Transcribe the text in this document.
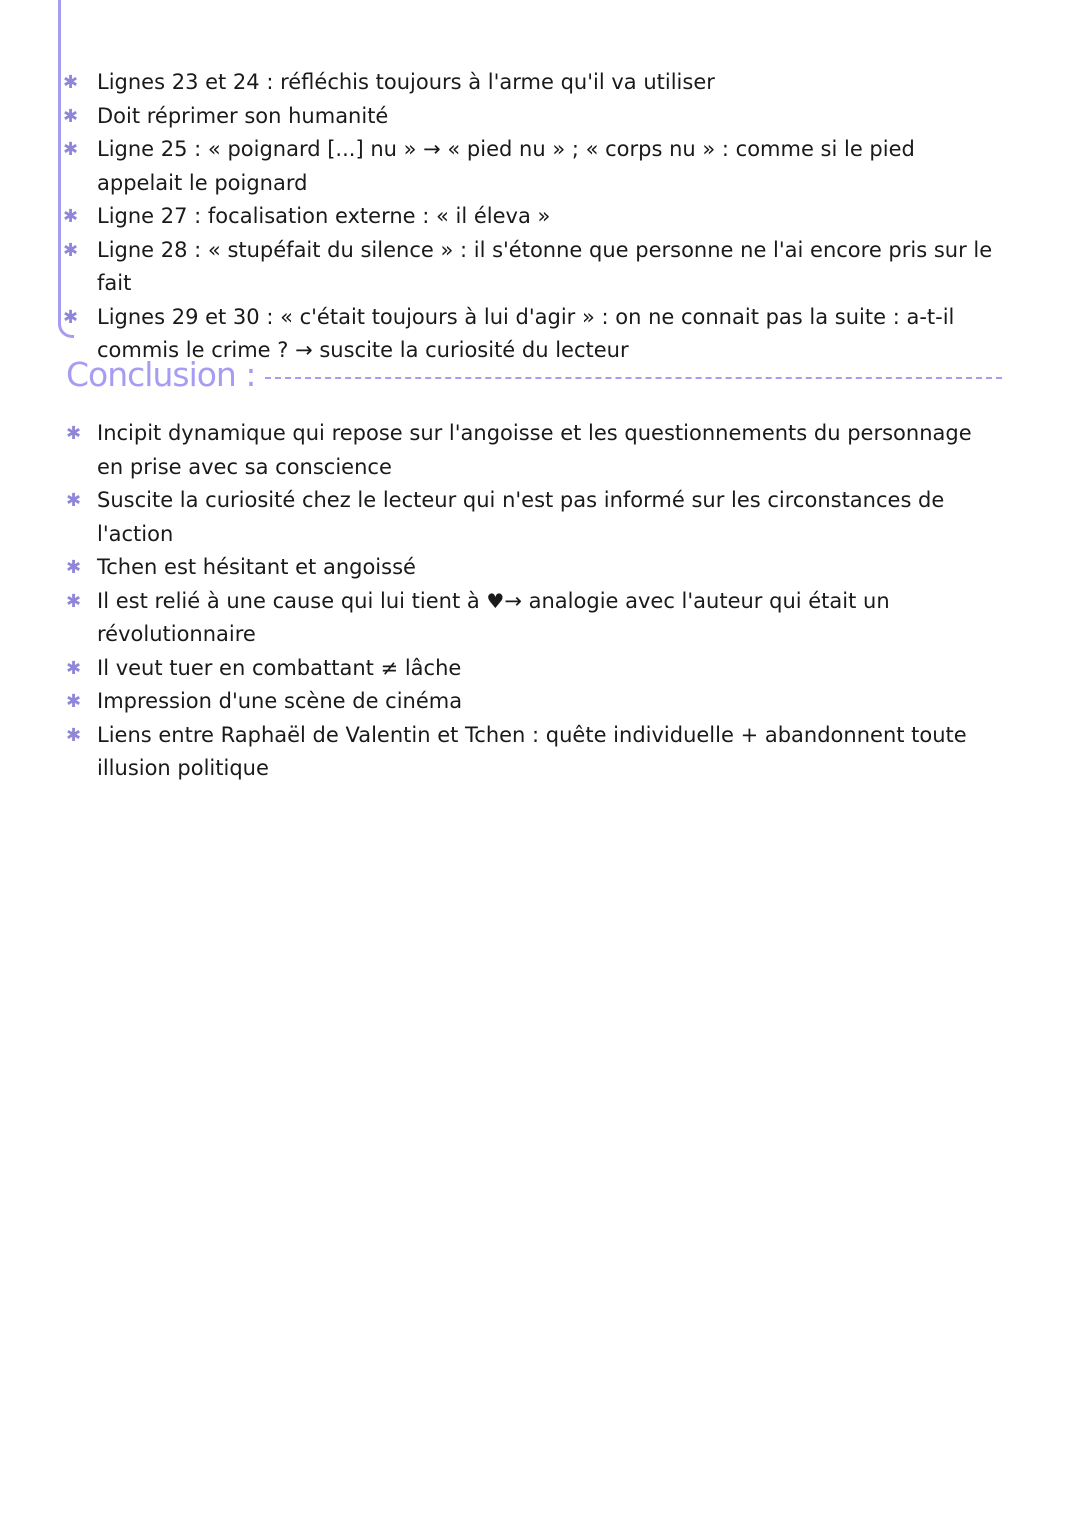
✱ Lignes 23 et 24 : réfléchis toujours à l'arme qu'il va utiliser
✱ Doit réprimer son humanité
✱ Ligne 25 : « poignard [...] nu » → « pied nu » ; « corps nu » : comme si le pied appelait le poignard
✱ Ligne 27 : focalisation externe : « il éleva »
✱ Ligne 28 : « stupéfait du silence » : il s'étonne que personne ne l'ai encore pris sur le fait
✱ Lignes 29 et 30 : « c'était toujours à lui d'agir » : on ne connait pas la suite : a-t-il commis le crime ? → suscite la curiosité du lecteur
Conclusion :
✱ Incipit dynamique qui repose sur l'angoisse et les questionnements du personnage en prise avec sa conscience
✱ Suscite la curiosité chez le lecteur qui n'est pas informé sur les circonstances de l'action
✱ Tchen est hésitant et angoissé
✱ Il est relié à une cause qui lui tient à ♥→ analogie avec l'auteur qui était un révolutionnaire
✱ Il veut tuer en combattant ≠ lâche
✱ Impression d'une scène de cinéma
✱ Liens entre Raphaël de Valentin et Tchen : quête individuelle + abandonnent toute illusion politique
